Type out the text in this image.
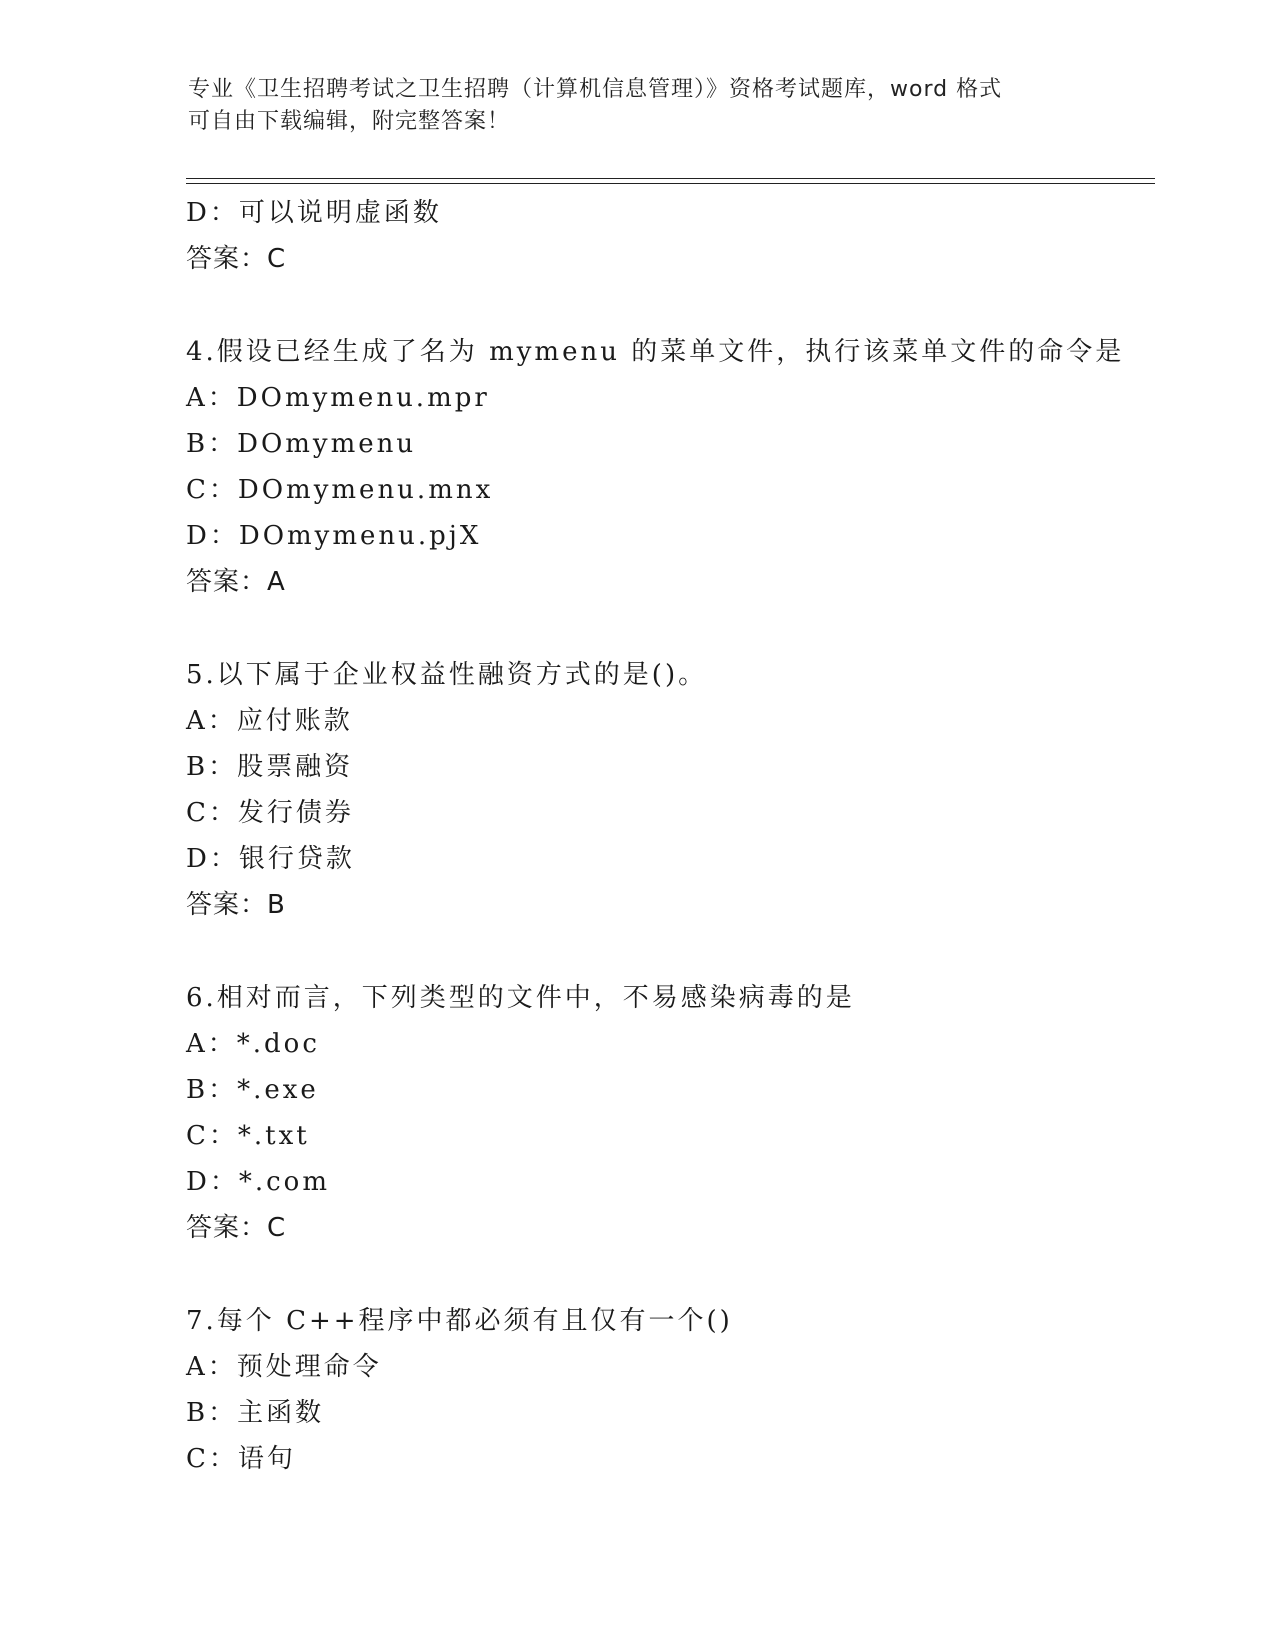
专业《卫生招聘考试之卫生招聘（计算机信息管理）》资格考试题库，word 格式
可自由下载编辑，附完整答案！
D：可以说明虚函数
答案：C
4.假设已经生成了名为 mymenu 的菜单文件，执行该菜单文件的命令是
A：DOmymenu.mpr
B：DOmymenu
C：DOmymenu.mnx
D：DOmymenu.pjX
答案：A
5.以下属于企业权益性融资方式的是()。
A：应付账款
B：股票融资
C：发行债券
D：银行贷款
答案：B
6.相对而言，下列类型的文件中，不易感染病毒的是
A：*.doc
B：*.exe
C：*.txt
D：*.com
答案：C
7.每个 C++程序中都必须有且仅有一个()
A：预处理命令
B：主函数
C：语句
